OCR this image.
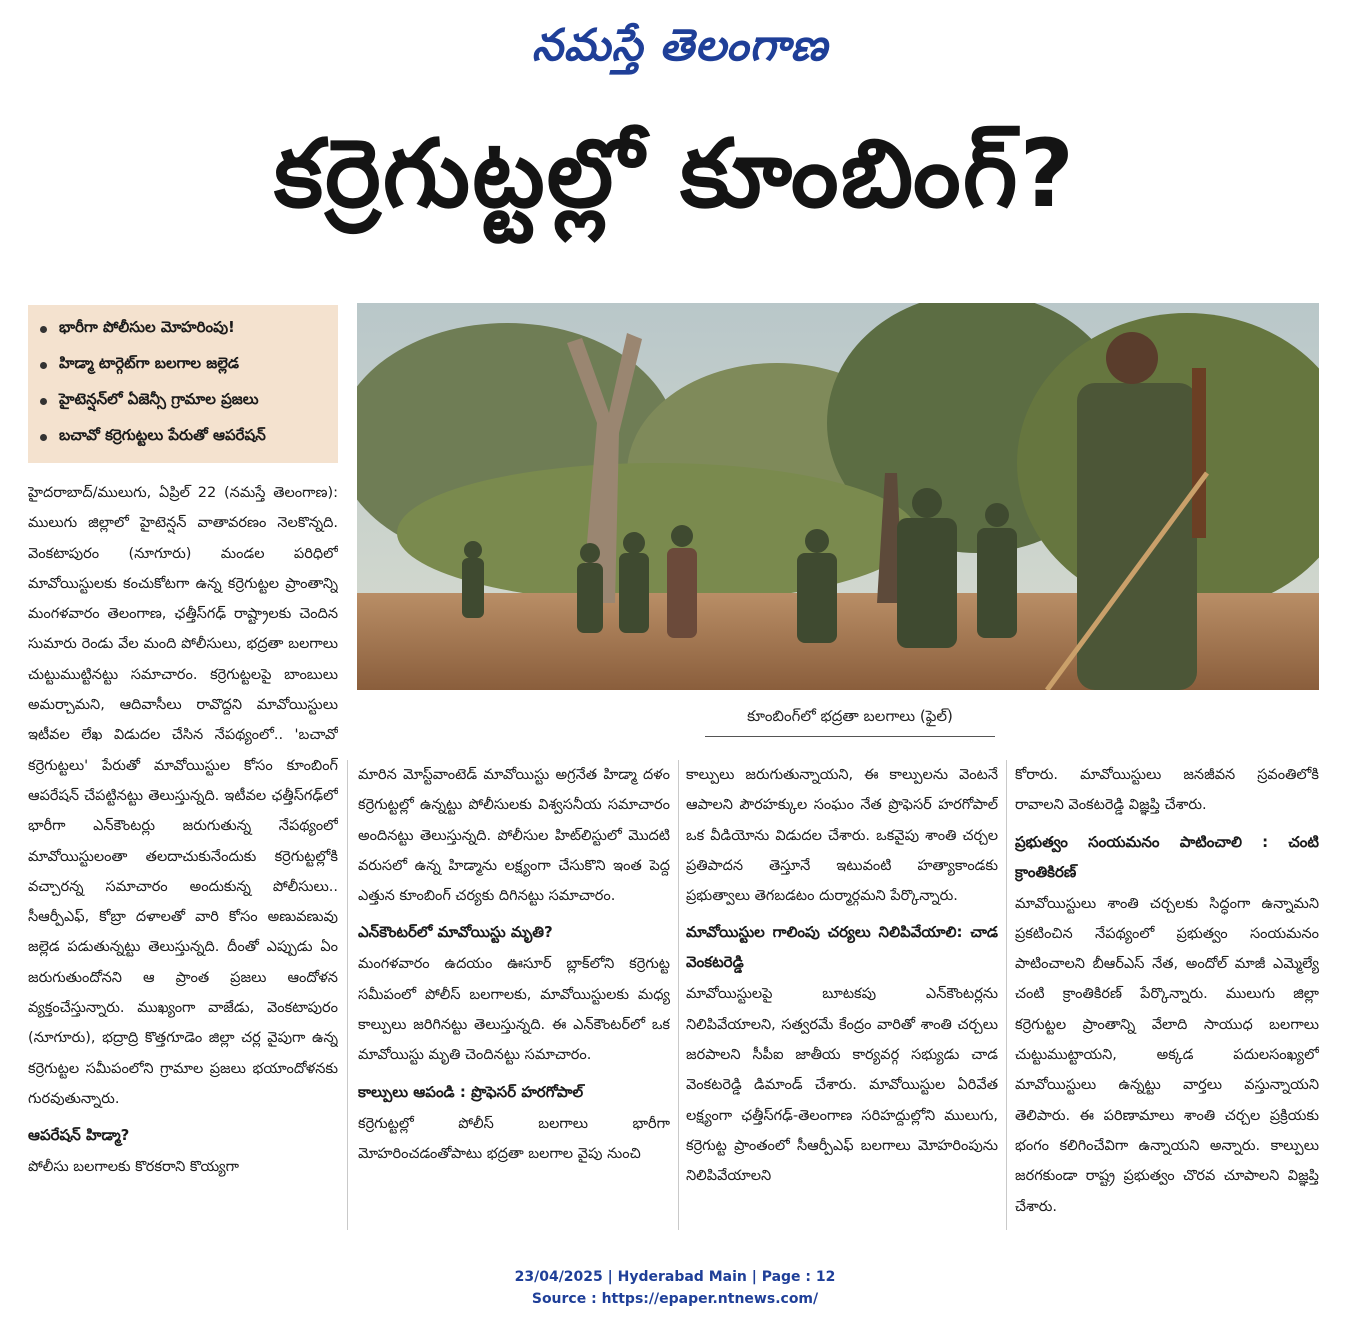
నమస్తే తెలంగాణ
కర్రెగుట్టల్లో కూంబింగ్?
భారీగా పోలీసుల మోహరింపు!
హిడ్మా టార్గెట్‌గా బలగాల జల్లెడ
హైటెన్షన్‌లో ఏజెన్సీ గ్రామాల ప్రజలు
బచావో కర్రెగుట్టలు పేరుతో ఆపరేషన్
కూంబింగ్‌లో భద్రతా బలగాలు (ఫైల్)

హైదరాబాద్/ములుగు, ఏప్రిల్ 22 (నమస్తే తెలంగాణ): ములుగు జిల్లాలో హైటెన్షన్ వాతావరణం నెలకొన్నది. వెంకటాపురం (నూగూరు) మండల పరిధిలో మావోయిస్టులకు కంచుకోటగా ఉన్న కర్రెగుట్టల ప్రాంతాన్ని మంగళవారం తెలంగాణ, ఛత్తీస్‌గఢ్ రాష్ట్రాలకు చెందిన సుమారు రెండు వేల మంది పోలీసులు, భద్రతా బలగాలు చుట్టుముట్టినట్టు సమాచారం. కర్రెగుట్టలపై బాంబులు అమర్చామని, ఆదివాసీలు రావొద్దని మావోయిస్టులు ఇటీవల లేఖ విడుదల చేసిన నేపథ్యంలో.. 'బచావో కర్రెగుట్టలు' పేరుతో మావోయిస్టుల కోసం కూంబింగ్ ఆపరేషన్ చేపట్టినట్టు తెలుస్తున్నది. ఇటీవల ఛత్తీస్‌గఢ్‌లో భారీగా ఎన్‌కౌంటర్లు జరుగుతున్న నేపథ్యంలో మావోయిస్టులంతా తలదాచుకునేందుకు కర్రెగుట్టల్లోకి వచ్చారన్న సమాచారం అందుకున్న పోలీసులు.. సీఆర్పీఎఫ్, కోబ్రా దళాలతో వారి కోసం అణువణువు జల్లెడ పడుతున్నట్టు తెలుస్తున్నది. దీంతో ఎప్పుడు ఏం జరుగుతుందోనని ఆ ప్రాంత ప్రజలు ఆందోళన వ్యక్తంచేస్తున్నారు. ముఖ్యంగా వాజేడు, వెంకటాపురం (నూగూరు), భద్రాద్రి కొత్తగూడెం జిల్లా చర్ల వైపుగా ఉన్న కర్రెగుట్టల సమీపంలోని గ్రామాల ప్రజలు భయాందోళనకు గురవుతున్నారు.

ఆపరేషన్ హిడ్మా?

పోలీసు బలగాలకు కొరకరాని కొయ్యగా

మారిన మోస్ట్‌వాంటెడ్ మావోయిస్టు అగ్రనేత హిడ్మా దళం కర్రెగుట్టల్లో ఉన్నట్టు పోలీసులకు విశ్వసనీయ సమాచారం అందినట్టు తెలుస్తున్నది. పోలీసుల హిట్‌లిస్టులో మొదటి వరుసలో ఉన్న హిడ్మాను లక్ష్యంగా చేసుకొని ఇంత పెద్ద ఎత్తున కూంబింగ్ చర్యకు దిగినట్టు సమాచారం.

ఎన్‌కౌంటర్‌లో మావోయిస్టు మృతి?

మంగళవారం ఉదయం ఊసూర్ బ్లాక్‌లోని కర్రెగుట్ట సమీపంలో పోలీస్ బలగాలకు, మావోయిస్టులకు మధ్య కాల్పులు జరిగినట్టు తెలుస్తున్నది. ఈ ఎన్‌కౌంటర్‌లో ఒక మావోయిస్టు మృతి చెందినట్టు సమాచారం.

కాల్పులు ఆపండి : ప్రొఫెసర్ హరగోపాల్

కర్రెగుట్టల్లో పోలీస్ బలగాలు భారీగా మోహరించడంతోపాటు భద్రతా బలగాల వైపు నుంచి

కాల్పులు జరుగుతున్నాయని, ఈ కాల్పులను వెంటనే ఆపాలని పౌరహక్కుల సంఘం నేత ప్రొఫెసర్ హరగోపాల్ ఒక వీడియోను విడుదల చేశారు. ఒకవైపు శాంతి చర్చల ప్రతిపాదన తెస్తూనే ఇటువంటి హత్యాకాండకు ప్రభుత్వాలు తెగబడటం దుర్మార్గమని పేర్కొన్నారు.

మావోయిస్టుల గాలింపు చర్యలు నిలిపివేయాలి: చాడ వెంకటరెడ్డి

మావోయిస్టులపై బూటకపు ఎన్‌కౌంటర్లను నిలిపివేయాలని, సత్వరమే కేంద్రం వారితో శాంతి చర్చలు జరపాలని సీపీఐ జాతీయ కార్యవర్గ సభ్యుడు చాడ వెంకటరెడ్డి డిమాండ్ చేశారు. మావోయిస్టుల ఏరివేత లక్ష్యంగా ఛత్తీస్‌గఢ్-తెలంగాణ సరిహద్దుల్లోని ములుగు, కర్రెగుట్ట ప్రాంతంలో సీఆర్పీఎఫ్ బలగాలు మోహరింపును నిలిపివేయాలని

కోరారు. మావోయిస్టులు జనజీవన స్రవంతిలోకి రావాలని వెంకటరెడ్డి విజ్ఞప్తి చేశారు.

ప్రభుత్వం సంయమనం పాటించాలి : చంటి క్రాంతికిరణ్

మావోయిస్టులు శాంతి చర్చలకు సిద్ధంగా ఉన్నామని ప్రకటించిన నేపథ్యంలో ప్రభుత్వం సంయమనం పాటించాలని బీఆర్‌ఎస్ నేత, అందోల్ మాజీ ఎమ్మెల్యే చంటి క్రాంతికిరణ్ పేర్కొన్నారు. ములుగు జిల్లా కర్రెగుట్టల ప్రాంతాన్ని వేలాది సాయుధ బలగాలు చుట్టుముట్టాయని, అక్కడ పదులసంఖ్యలో మావోయిస్టులు ఉన్నట్టు వార్తలు వస్తున్నాయని తెలిపారు. ఈ పరిణామాలు శాంతి చర్చల ప్రక్రియకు భంగం కలిగించేవిగా ఉన్నాయని అన్నారు. కాల్పులు జరగకుండా రాష్ట్ర ప్రభుత్వం చొరవ చూపాలని విజ్ఞప్తి చేశారు.

23/04/2025 | Hyderabad Main | Page : 12
Source : https://epaper.ntnews.com/
